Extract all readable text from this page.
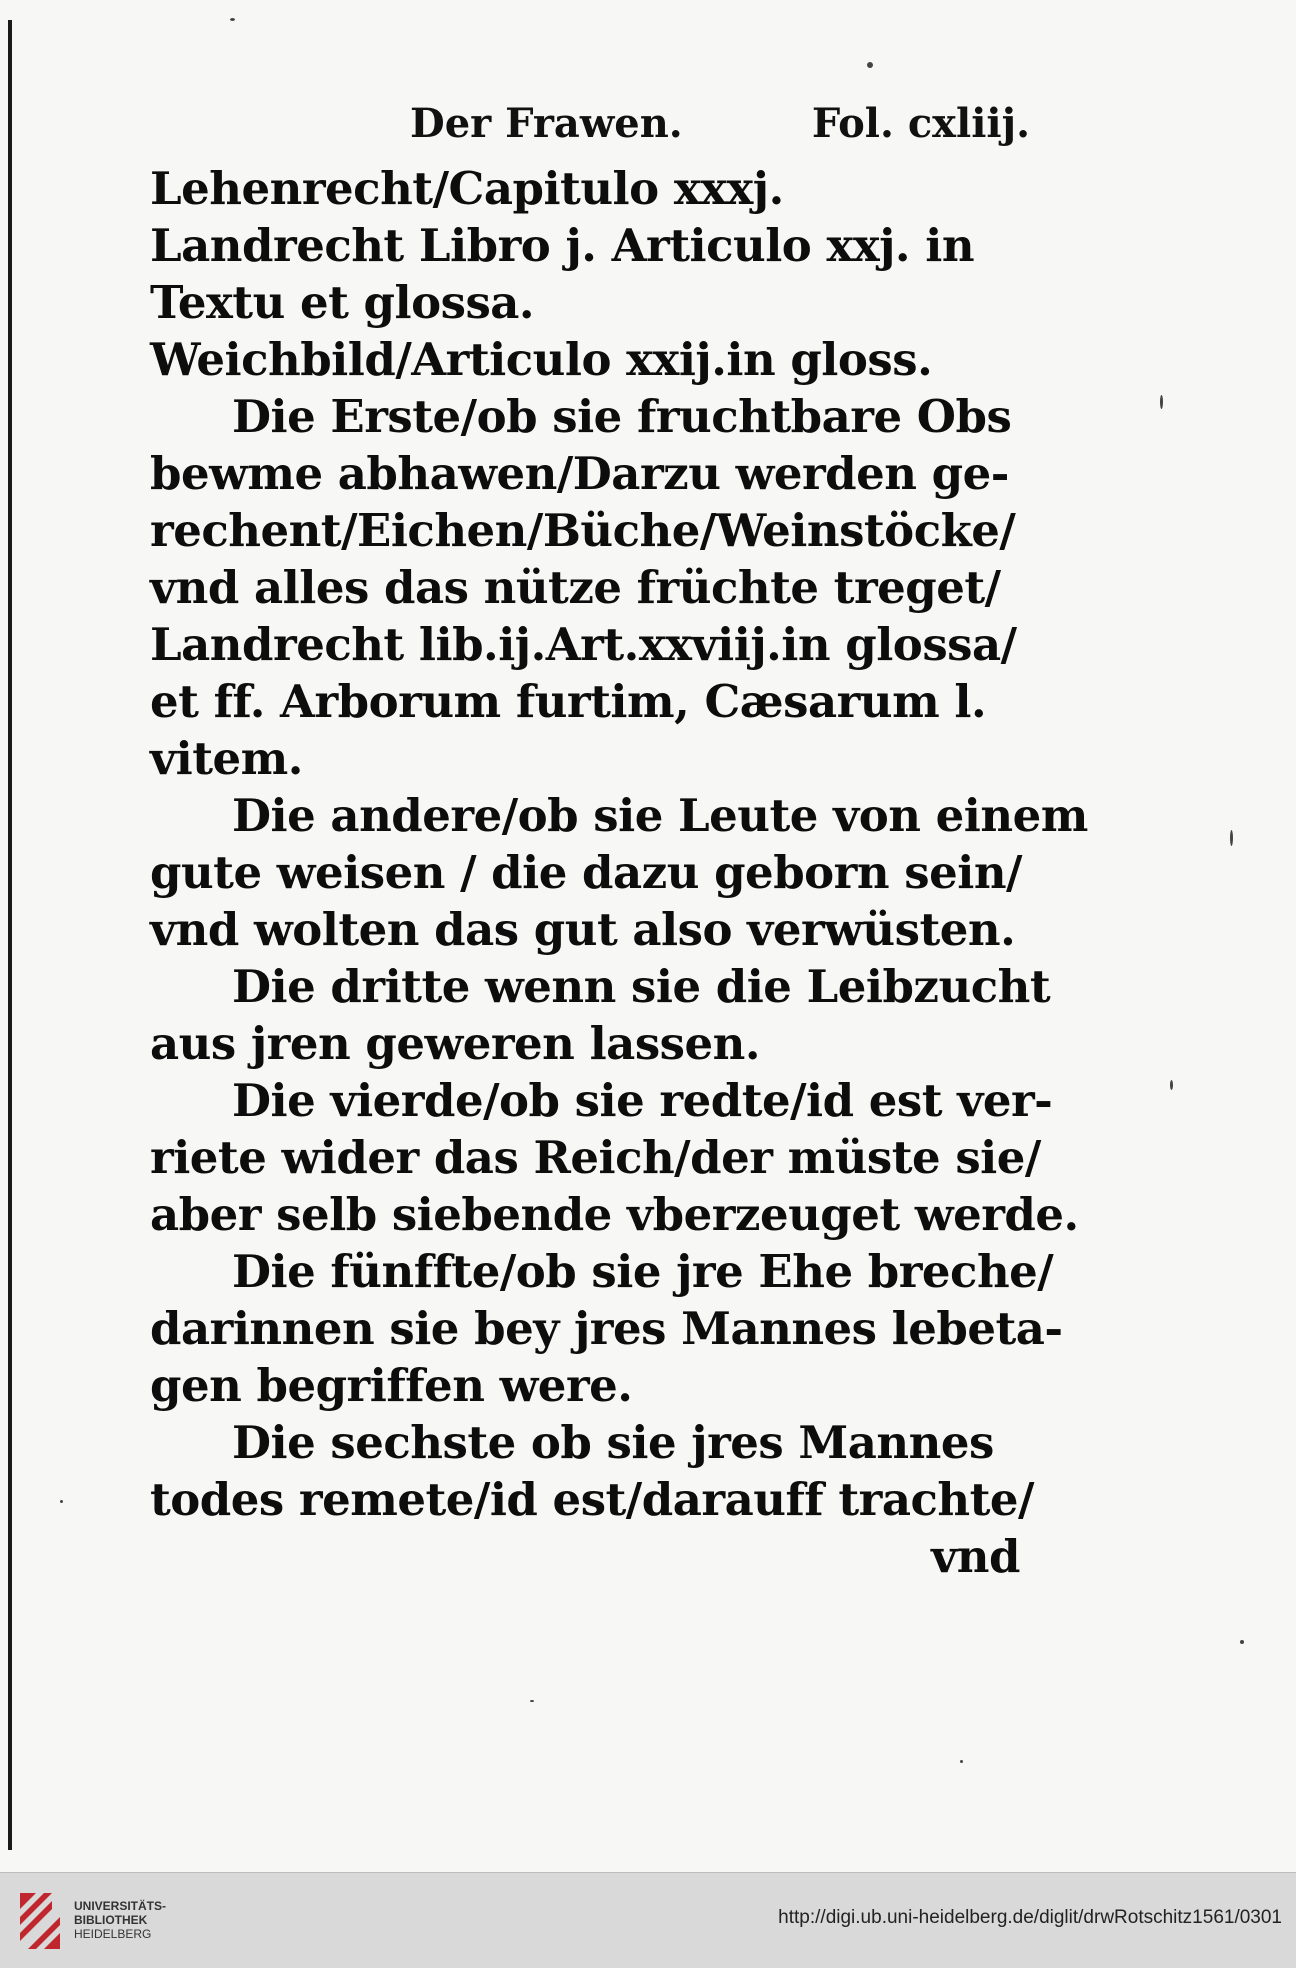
Der Frawen.	Fol. cxliij.
Lehenrecht/Capitulo xxxj.
Landrecht Libro j. Articulo xxj. in
Textu et glossa.
Weichbild/Articulo xxij.in gloss.
Die Erste/ob sie fruchtbare Obs
bewme abhawen/Darzu werden ge-
rechent/Eichen/Büche/Weinstöcke/
vnd alles das nütze früchte treget/
Landrecht lib.ij.Art.xxviij.in glossa/
et ff. Arborum furtim, Cæsarum l.
vitem.
Die andere/ob sie Leute von einem
gute weisen / die dazu geborn sein/
vnd wolten das gut also verwüsten.
Die dritte wenn sie die Leibzucht
aus jren geweren lassen.
Die vierde/ob sie redte/id est ver-
riete wider das Reich/der müste sie/
aber selb siebende vberzeuget werde.
Die fünffte/ob sie jre Ehe breche/
darinnen sie bey jres Mannes lebeta-
gen begriffen were.
Die sechste ob sie jres Mannes
todes remete/id est/darauff trachte/
vnd
UNIVERSITÄTS-
BIBLIOTHEK
HEIDELBERG
http://digi.ub.uni-heidelberg.de/diglit/drwRotschitz1561/0301
